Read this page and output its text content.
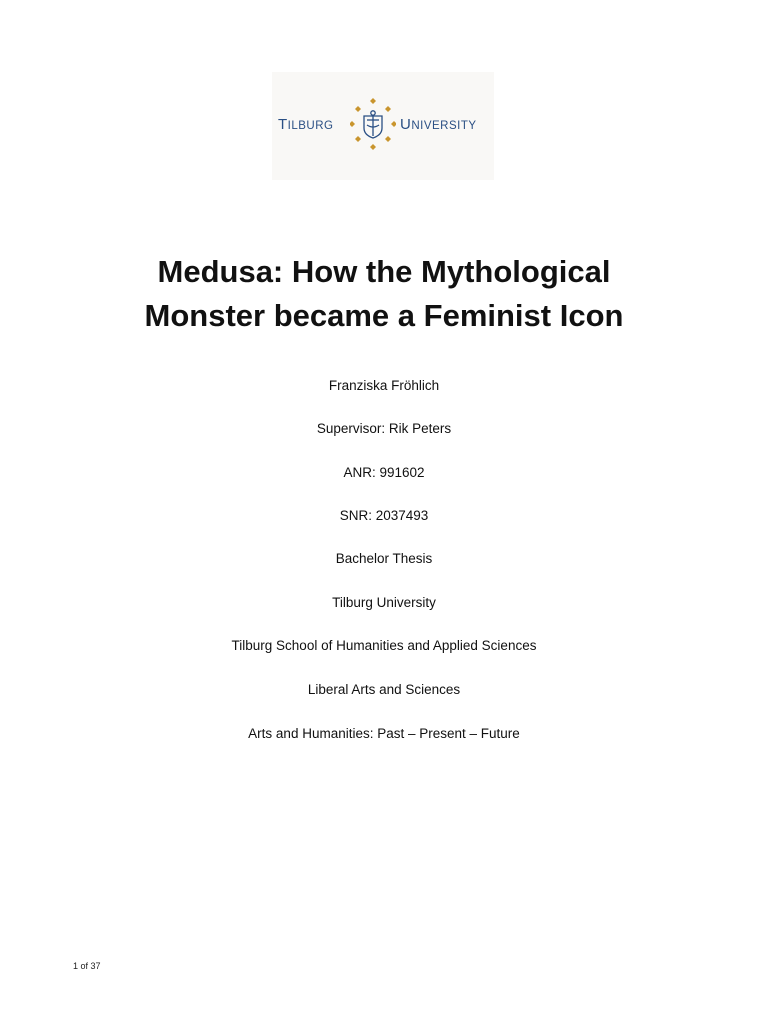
TILBURG	UNIVERSITY
Medusa: How the Mythological
Monster became a Feminist Icon
Franziska Fröhlich
Supervisor: Rik Peters
ANR: 991602
SNR: 2037493
Bachelor Thesis
Tilburg University
Tilburg School of Humanities and Applied Sciences
Liberal Arts and Sciences
Arts and Humanities: Past – Present – Future
1 of 37
